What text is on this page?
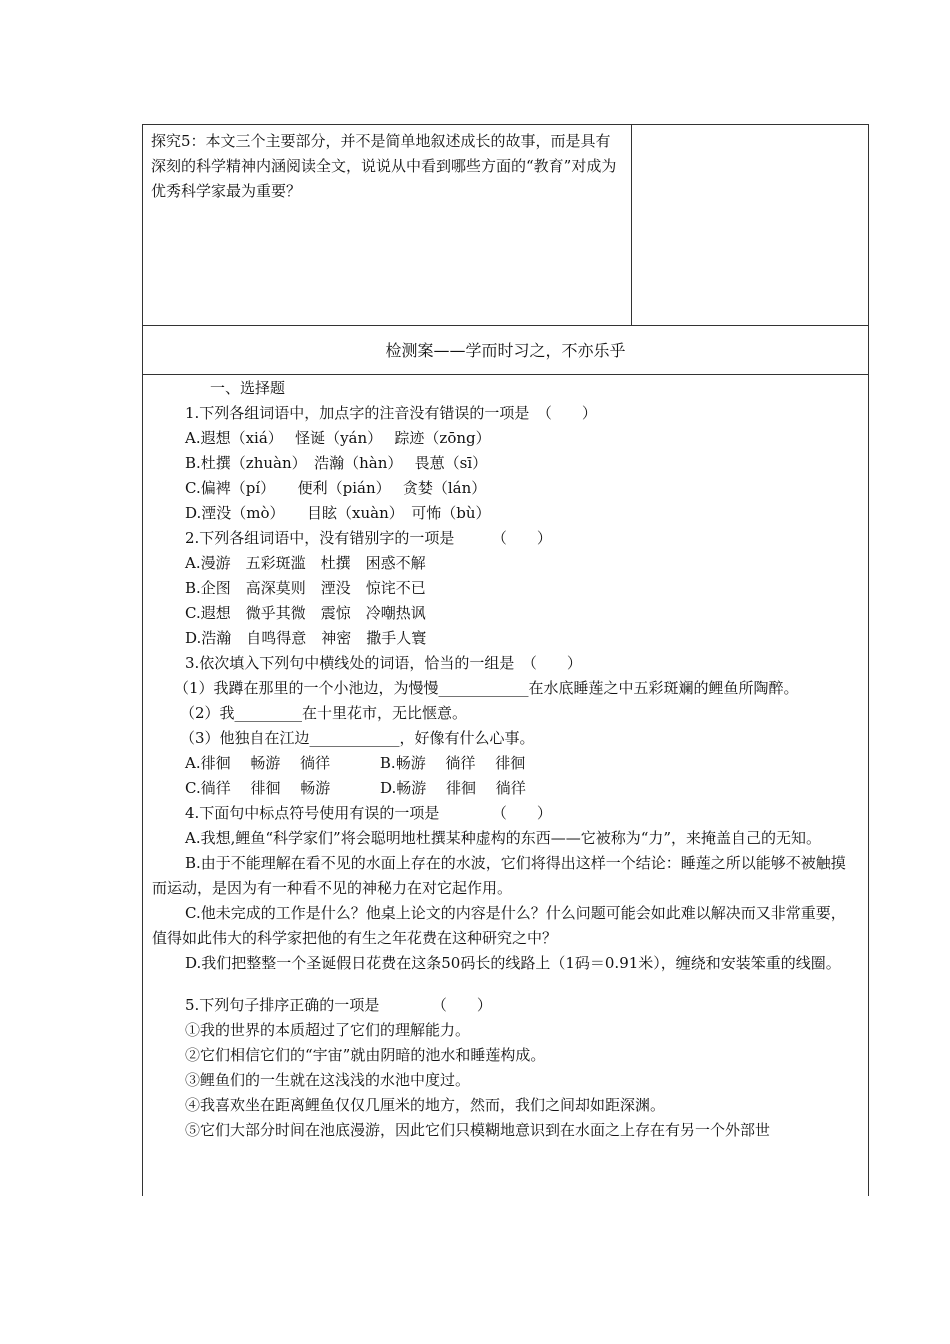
探究5：本文三个主要部分，并不是简单地叙述成长的故事，而是具有深刻的科学精神内涵阅读全文，说说从中看到哪些方面的“教育”对成为优秀科学家最为重要？
检测案——学而时习之，不亦乐乎

一、选择题

1.下列各组词语中，加点字的注音没有错误的一项是　（　　）

A.遐想（xiá）　 怪诞（yán）　 踪迹（zōng）

B.杜撰（zhuàn）　浩瀚（hàn）　 畏葸（sī）

C.偏裨（pí）　　便利（pián）　 贪婪（lán）

D.湮没（mò）　　目眩（xuàn）　可怖（bù）

2.下列各组词语中，没有错别字的一项是　　　（　　）

A.漫游　五彩斑滥　杜撰　困惑不解

B.企图　高深莫则　湮没　惊诧不已

C.遐想　微乎其微　震惊　冷嘲热讽

D.浩瀚　自鸣得意　神密　撒手人寰

3.依次填入下列句中横线处的词语，恰当的一组是　（　　）

（1）我蹲在那里的一个小池边，为慢慢____________在水底睡莲之中五彩斑斓的鲤鱼所陶醉。

（2）我_________在十里花市，无比惬意。

（3）他独自在江边____________，好像有什么心事。

A.徘徊　 畅游　 徜徉　　　 B.畅游　 徜徉　 徘徊

C.徜徉　 徘徊　 畅游　　　 D.畅游　 徘徊　 徜徉

4.下面句中标点符号使用有误的一项是　　　　（　　）

A.我想,鲤鱼“科学家们”将会聪明地杜撰某种虚构的东西——它被称为“力”，来掩盖自己的无知。

B.由于不能理解在看不见的水面上存在的水波，它们将得出这样一个结论：睡莲之所以能够不被触摸而运动，是因为有一种看不见的神秘力在对它起作用。

C.他未完成的工作是什么？他桌上论文的内容是什么？什么问题可能会如此难以解决而又非常重要，值得如此伟大的科学家把他的有生之年花费在这种研究之中？

D.我们把整整一个圣诞假日花费在这条50码长的线路上（1码＝0.91米），缠绕和安装笨重的线圈。

5.下列句子排序正确的一项是　　　　（　　）

①我的世界的本质超过了它们的理解能力。

②它们相信它们的“宇宙”就由阴暗的池水和睡莲构成。

③鲤鱼们的一生就在这浅浅的水池中度过。

④我喜欢坐在距离鲤鱼仅仅几厘米的地方，然而，我们之间却如距深渊。

⑤它们大部分时间在池底漫游，因此它们只模糊地意识到在水面之上存在有另一个外部世
